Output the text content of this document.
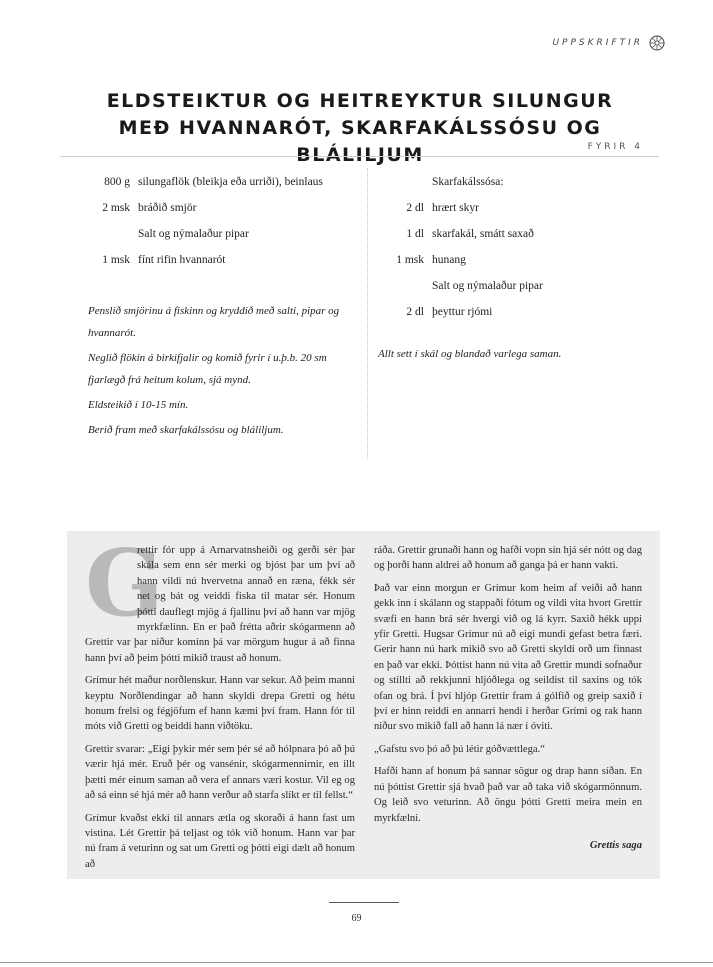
UPPSKRIFTIR
ELDSTEIKTUR OG HEITREYKTUR SILUNGUR MEÐ HVANNARÓT, SKARFAKÁLSSÓSU OG BLÁLILJUM	FYRIR 4
800 g silungaflök (bleikja eða urriði), beinlaus
2 msk bráðið smjör
Salt og nýmalaður pipar
1 msk fínt rifin hvannarót

Penslið smjörinu á fiskinn og kryddið með salti, pipar og hvannarót.

Neglið flökin á birkifjalir og komið fyrir í u.þ.b. 20 sm fjarlægð frá heitum kolum, sjá mynd.

Eldsteikið í 10-15 mín.

Berið fram með skarfakálssósu og bláliljum.

Skarfakálssósa:
2 dl hrært skyr
1 dl skarfakál, smátt saxað
1 msk hunang
Salt og nýmalaður pipar
2 dl þeyttur rjómi

Allt sett í skál og blandað varlega saman.

G
rettir fór upp á Arnarvatnsheiði og gerði sér þar skála sem enn sér merki og bjóst þar um því að hann vildi nú hvervetna annað en ræna, fékk sér net og bát og veiddi fiska til matar sér. Honum þótti dauflegt mjög á fjallinu því að hann var mjög myrkfælinn. En er það frétta aðrir skógarmenn að Grettir var þar niður kominn þá var mörgum hugur á að finna hann því að þeim þótti mikið traust að honum.

Grímur hét maður norðlenskur. Hann var sekur. Að þeim manni keyptu Norðlendingar að hann skyldi drepa Gretti og hétu honum frelsi og fégjöfum ef hann kæmi því fram. Hann fór til móts við Gretti og beiddi hann viðtöku.

Grettir svarar: „Eigi þykir mér sem þér sé að hólpnara þó að þú værir hjá mér. Eruð þér og vansénir, skógarmennirnir, en illt þætti mér einum saman að vera ef annars væri kostur. Vil eg og að sá einn sé hjá mér að hann verður að starfa slíkt er til fellst.“

Grímur kvaðst ekki til annars ætla og skoraði á hann fast um vistina. Lét Grettir þá teljast og tók við honum. Hann var þar nú fram á veturinn og sat um Gretti og þótti eigi dælt að honum að

ráða. Grettir grunaði hann og hafði vopn sín hjá sér nótt og dag og þorði hann aldrei að honum að ganga þá er hann vakti.

Það var einn morgun er Grímur kom heim af veiði að hann gekk inn í skálann og stappaði fótum og vildi vita hvort Grettir svæfi en hann brá sér hvergi við og lá kyrr. Saxið hékk uppi yfir Gretti. Hugsar Grímur nú að eigi mundi gefast betra færi. Gerir hann nú hark mikið svo að Gretti skyldi orð um finnast en það var ekki. Þóttist hann nú vita að Grettir mundi sofnaður og stillti að rekkjunni hljóðlega og seildist til saxins og tók ofan og brá. Í því hljóp Grettir fram á gólfið og greip saxið í því er hinn reiddi en annarri hendi í herðar Grími og rak hann niður svo mikið fall að hann lá nær í óviti.

„Gafstu svo þó að þú létir góðvættlega.“

Hafði hann af honum þá sannar sögur og drap hann síðan. En nú þóttist Grettir sjá hvað það var að taka við skógarmönnum. Og leið svo veturinn. Að öngu þótti Gretti meira mein en myrkfælni.

Grettis saga

69
